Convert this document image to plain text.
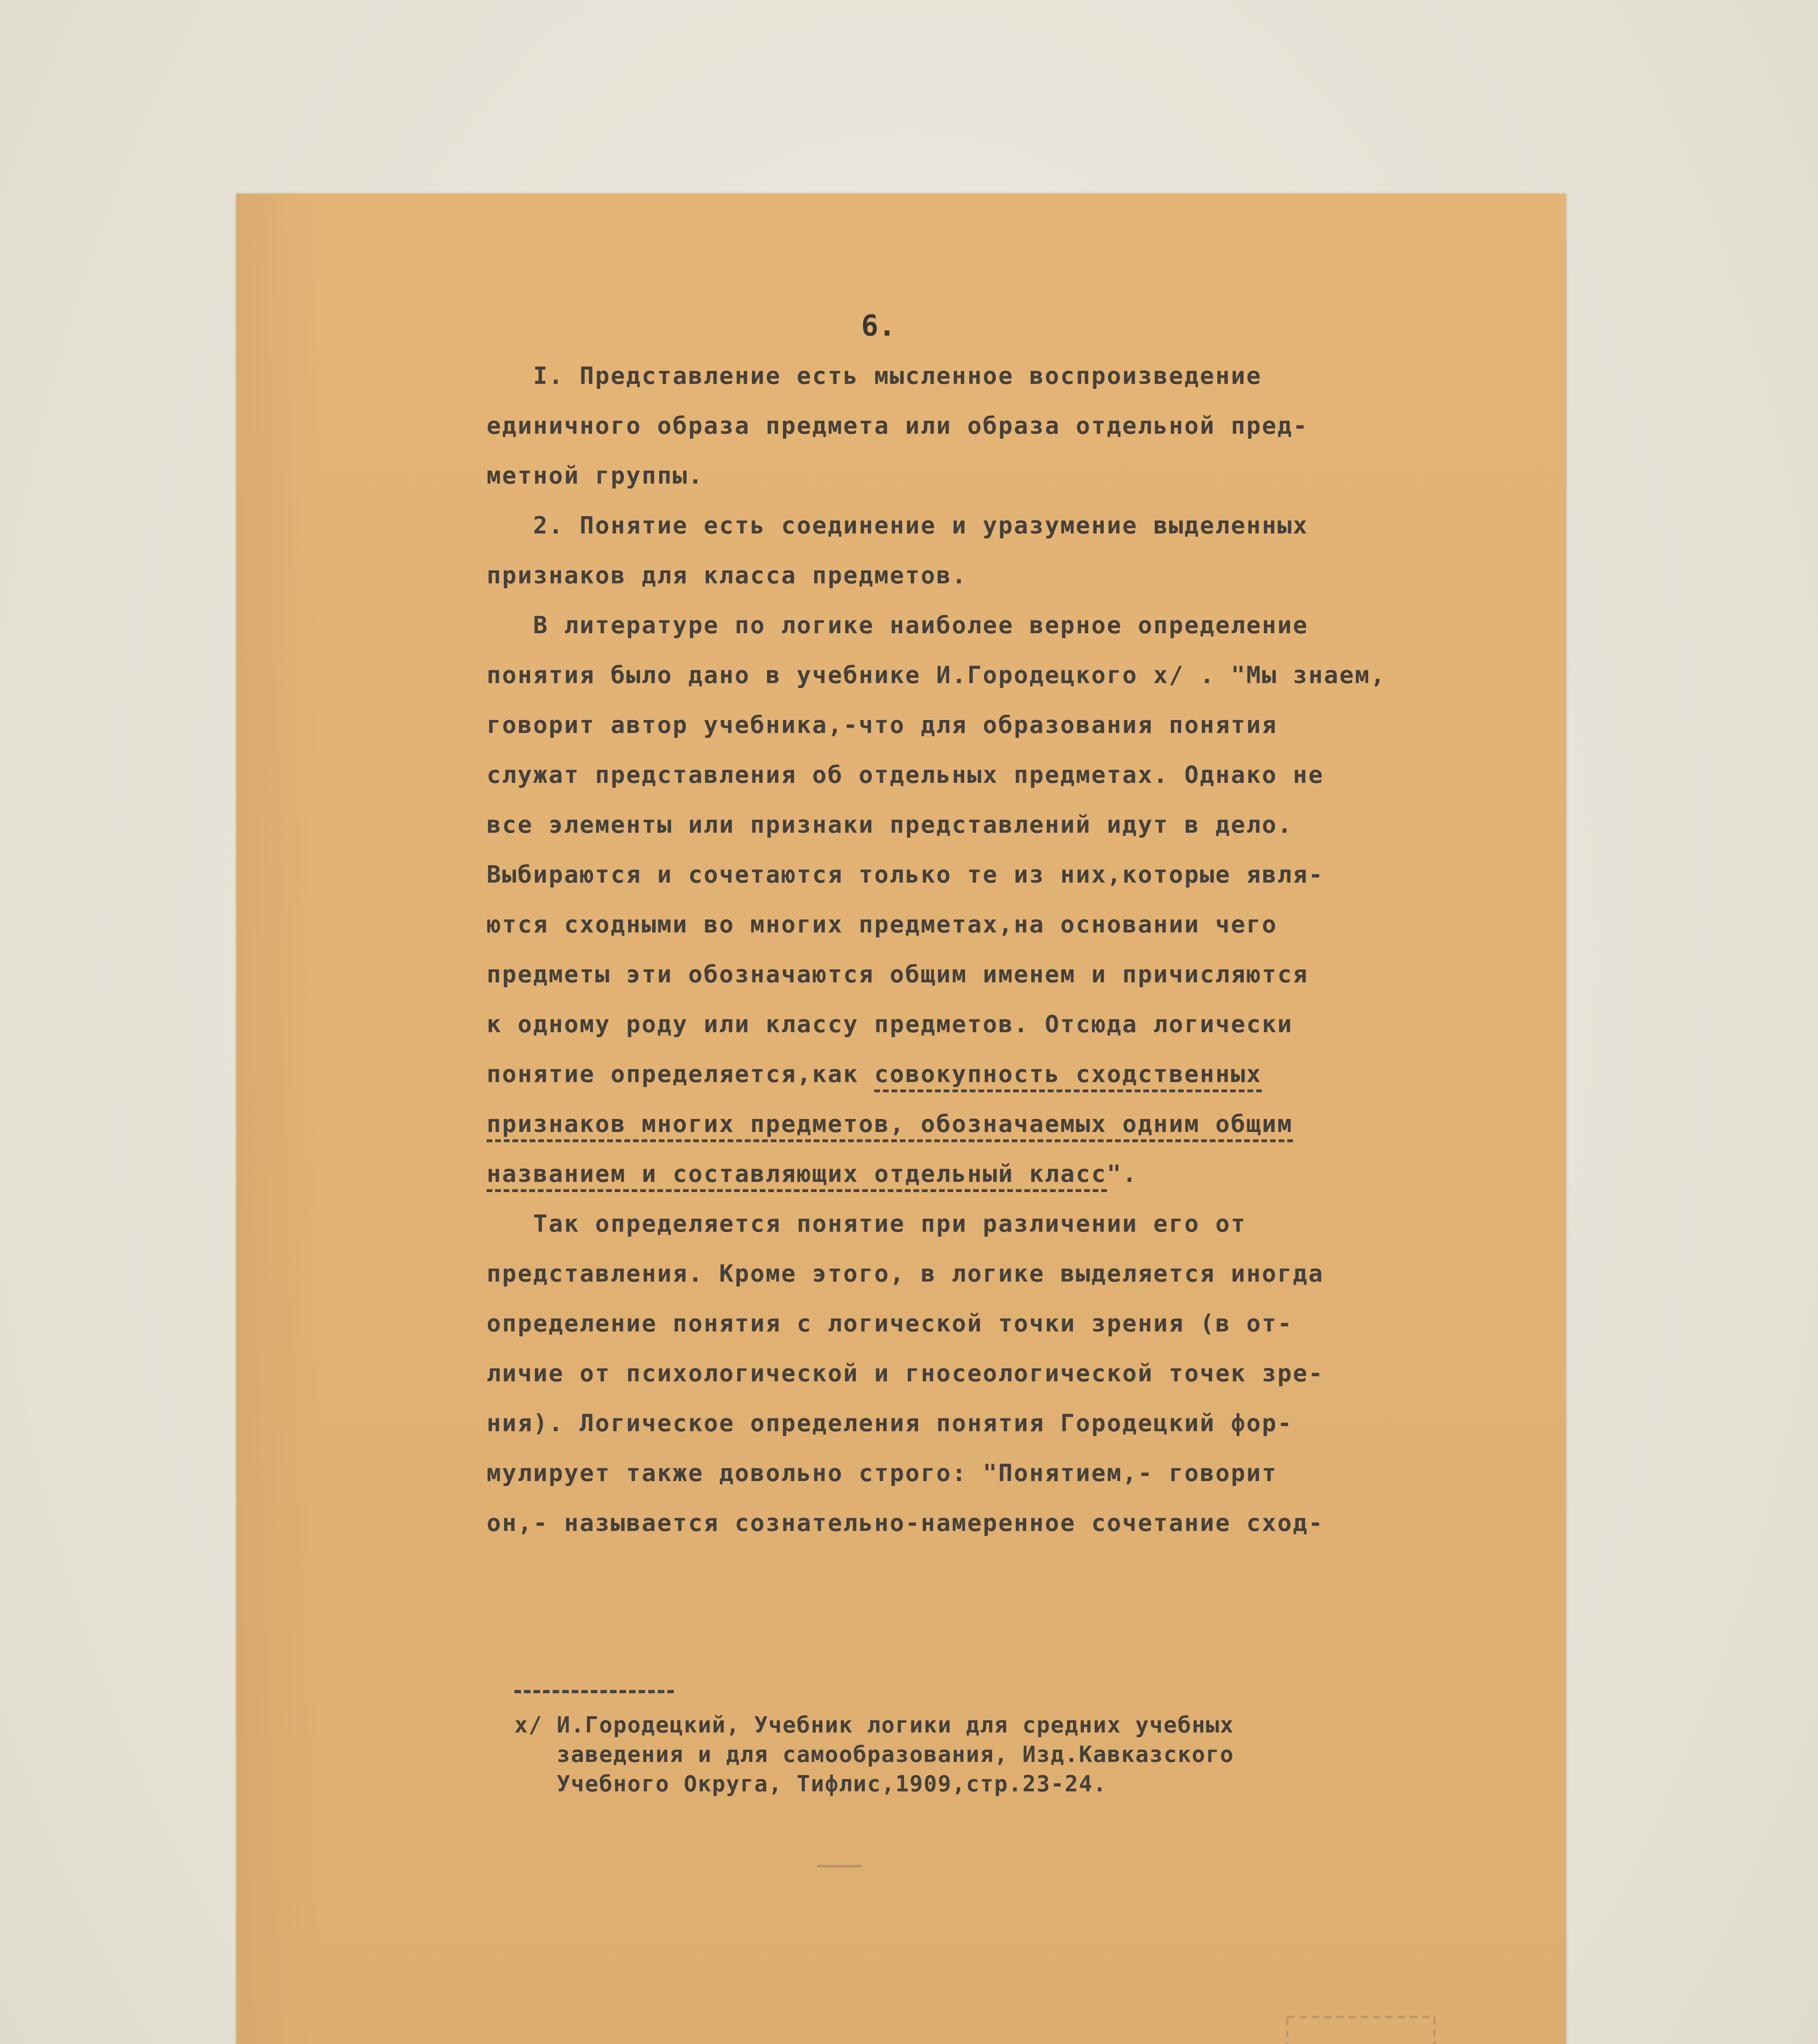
6.
I. Представление есть мысленное воспроизведение
единичного образа предмета или образа отдельной пред-
метной группы.
2. Понятие есть соединение и уразумение выделенных
признаков для класса предметов.
В литературе по логике наиболее верное определение
понятия было дано в учебнике И.Городецкого x/ . "Мы знаем,
говорит автор учебника,-что для образования понятия
служат представления об отдельных предметах. Однако не
все элементы или признаки представлений идут в дело.
Выбираются и сочетаются только те из них,которые явля-
ются сходными во многих предметах,на основании чего
предметы эти обозначаются общим именем и причисляются
к одному роду или классу предметов. Отсюда логически
понятие определяется,как совокупность сходственных
признаков многих предметов, обозначаемых одним общим
названием и составляющих отдельный класс".
Так определяется понятие при различении его от
представления. Кроме этого, в логике выделяется иногда
определение понятия с логической точки зрения (в от-
личие от психологической и гносеологической точек зре-
ния). Логическое определения понятия Городецкий фор-
мулирует также довольно строго: "Понятием,- говорит
он,- называется сознательно-намеренное сочетание сход-
x/ И.Городецкий, Учебник логики для средних учебных
заведения и для самообразования, Изд.Кавказского
Учебного Округа, Тифлис,1909,стр.23-24.
